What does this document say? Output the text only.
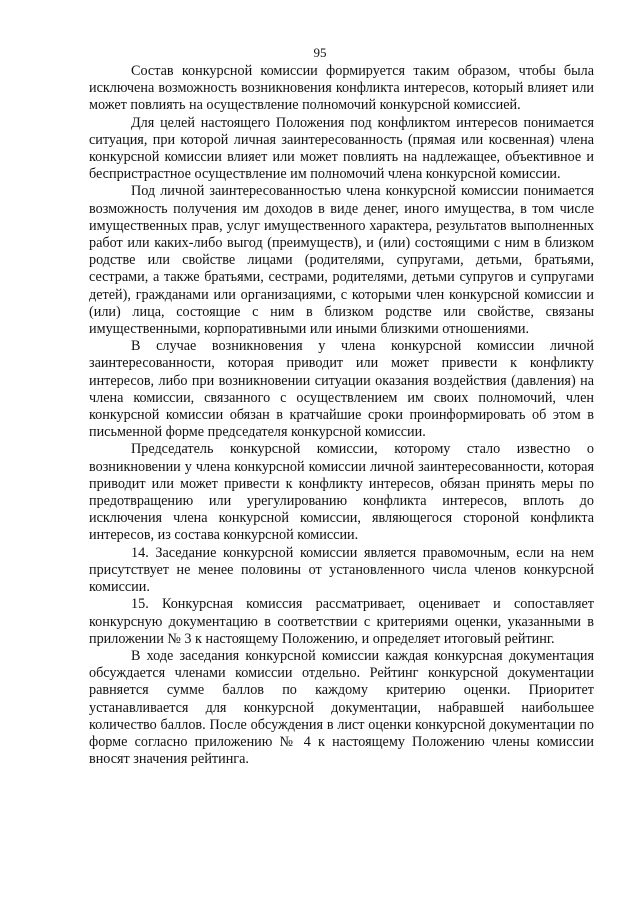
95

Состав конкурсной комиссии формируется таким образом, чтобы была исключена возможность возникновения конфликта интересов, который влияет или может повлиять на осуществление полномочий конкурсной комиссией.

Для целей настоящего Положения под конфликтом интересов понимается ситуация, при которой личная заинтересованность (прямая или косвенная) члена конкурсной комиссии влияет или может повлиять на надлежащее, объективное и беспристрастное осуществление им полномочий члена конкурсной комиссии.

Под личной заинтересованностью члена конкурсной комиссии понимается возможность получения им доходов в виде денег, иного имущества, в том числе имущественных прав, услуг имущественного характера, результатов выполненных работ или каких-либо выгод (преимуществ), и (или) состоящими с ним в близком родстве или свойстве лицами (родителями, супругами, детьми, братьями, сестрами, а также братьями, сестрами, родителями, детьми супругов и супругами детей), гражданами или организациями, с которыми член конкурсной комиссии и (или) лица, состоящие с ним в близком родстве или свойстве, связаны имущественными, корпоративными или иными близкими отношениями.

В случае возникновения у члена конкурсной комиссии личной заинтересованности, которая приводит или может привести к конфликту интересов, либо при возникновении ситуации оказания воздействия (давления) на члена комиссии, связанного с осуществлением им своих полномочий, член конкурсной комиссии обязан в кратчайшие сроки проинформировать об этом в письменной форме председателя конкурсной комиссии.

Председатель конкурсной комиссии, которому стало известно о возникновении у члена конкурсной комиссии личной заинтересованности, которая приводит или может привести к конфликту интересов, обязан принять меры по предотвращению или урегулированию конфликта интересов, вплоть до исключения члена конкурсной комиссии, являющегося стороной конфликта интересов, из состава конкурсной комиссии.

14. Заседание конкурсной комиссии является правомочным, если на нем присутствует не менее половины от установленного числа членов конкурсной комиссии.

15. Конкурсная комиссия рассматривает, оценивает и сопоставляет конкурсную документацию в соответствии с критериями оценки, указанными в приложении № 3 к настоящему Положению, и определяет итоговый рейтинг.

В ходе заседания конкурсной комиссии каждая конкурсная документация обсуждается членами комиссии отдельно. Рейтинг конкурсной документации равняется сумме баллов по каждому критерию оценки. Приоритет устанавливается для конкурсной документации, набравшей наибольшее количество баллов. После обсуждения в лист оценки конкурсной документации по форме согласно приложению № 4 к настоящему Положению члены комиссии вносят значения рейтинга.
